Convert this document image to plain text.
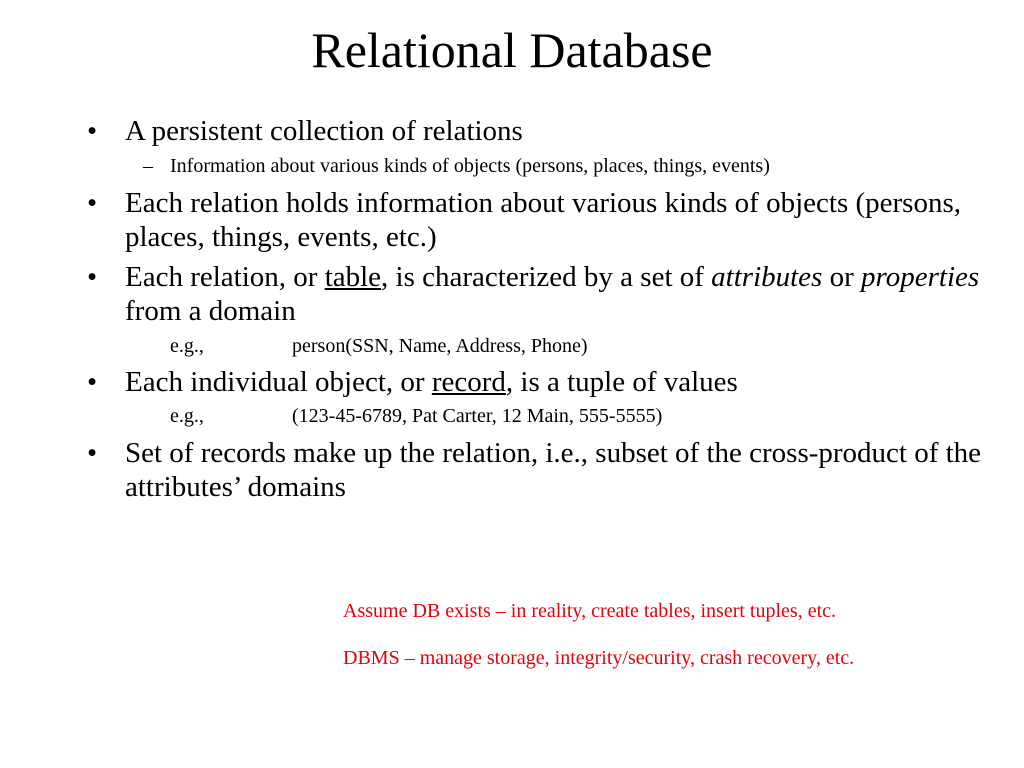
Relational Database
• A persistent collection of relations
– Information about various kinds of objects (persons, places, things, events)
• Each relation holds information about various kinds of objects (persons, places, things, events, etc.)
• Each relation, or table, is characterized by a set of attributes or properties from a domain
e.g.,	person(SSN, Name, Address, Phone)
• Each individual object, or record, is a tuple of values
e.g.,	(123-45-6789, Pat Carter, 12 Main, 555-5555)
• Set of records make up the relation, i.e., subset of the cross-product of the attributes’ domains
Assume DB exists – in reality, create tables, insert tuples, etc.
DBMS – manage storage, integrity/security, crash recovery, etc.
